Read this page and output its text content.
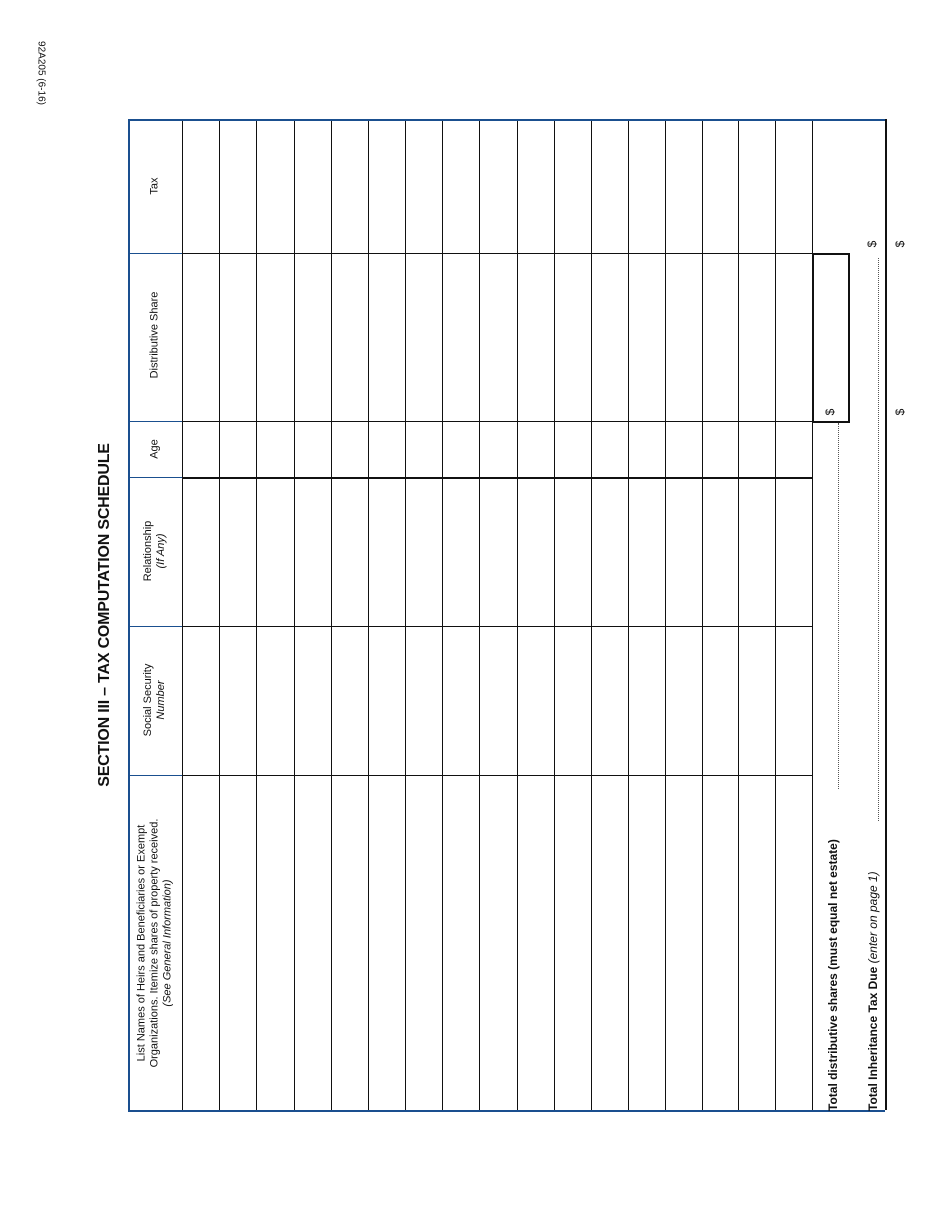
92A205 (6-16)
SECTION III – TAX COMPUTATION SCHEDULE
List Names of Heirs and Beneficiaries or Exempt Organizations. Itemize shares of property received. (See General Information)
Social Security Number
Relationship (If Any)
Age
Distributive Share
Tax
$
$
$
Total distributive shares (must equal net estate)
$
Total Inheritance Tax Due (enter on page 1)
